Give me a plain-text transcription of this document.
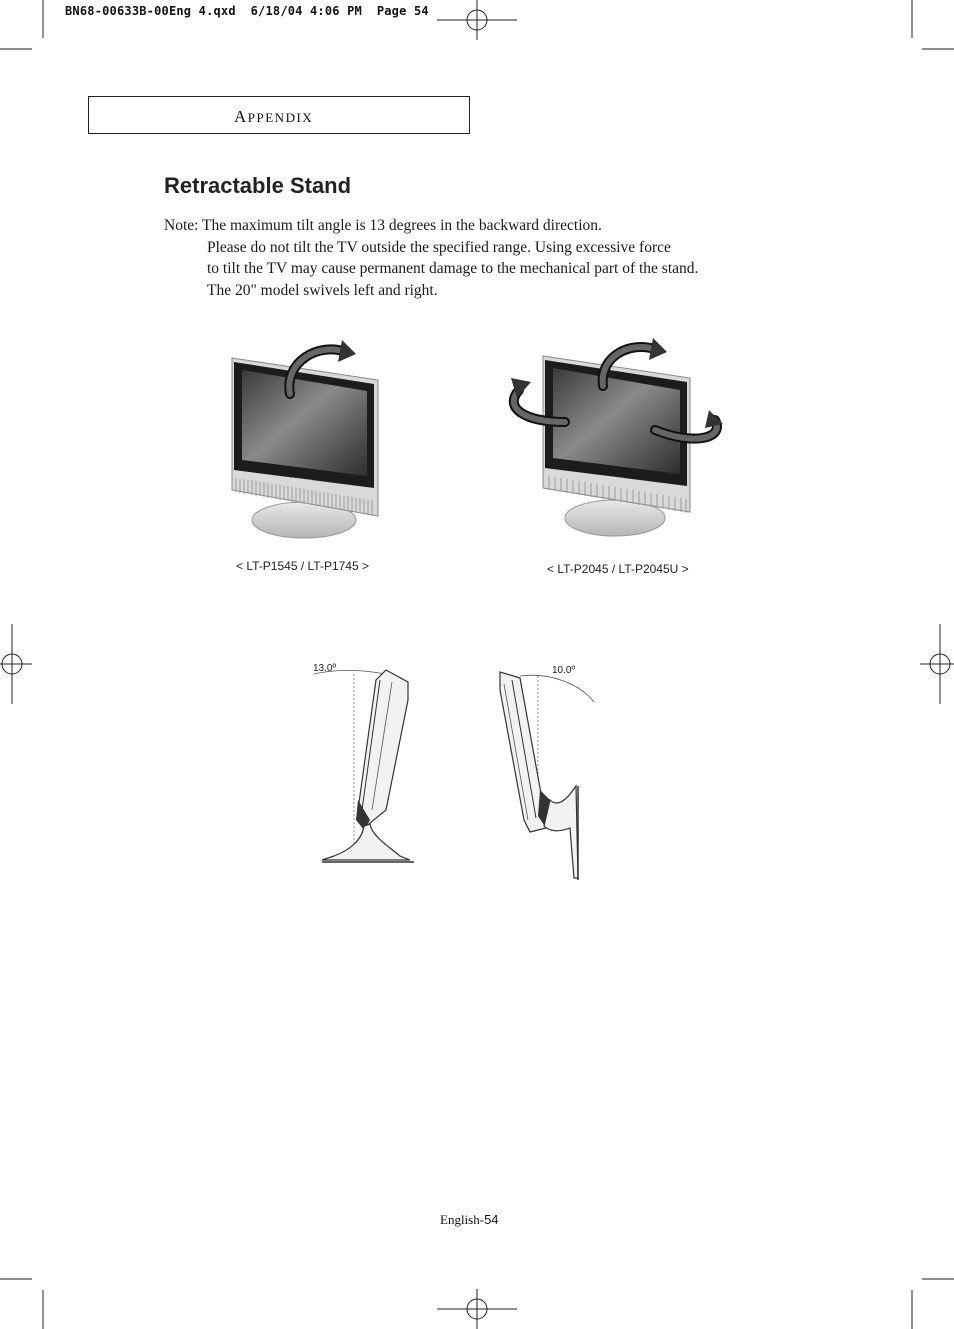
BN68-00633B-00Eng 4.qxd  6/18/04 4:06 PM  Page 54
APPENDIX
Retractable Stand
Note: The maximum tilt angle is 13 degrees in the backward direction.
Please do not tilt the TV outside the specified range. Using excessive force
to tilt the TV may cause permanent damage to the mechanical part of the stand.
The 20" model swivels left and right.
SAMSUNG
< LT-P1545 / LT-P1745 >
SAMSUNG
< LT-P2045 / LT-P2045U >
13.0º	10.0º
English-54
